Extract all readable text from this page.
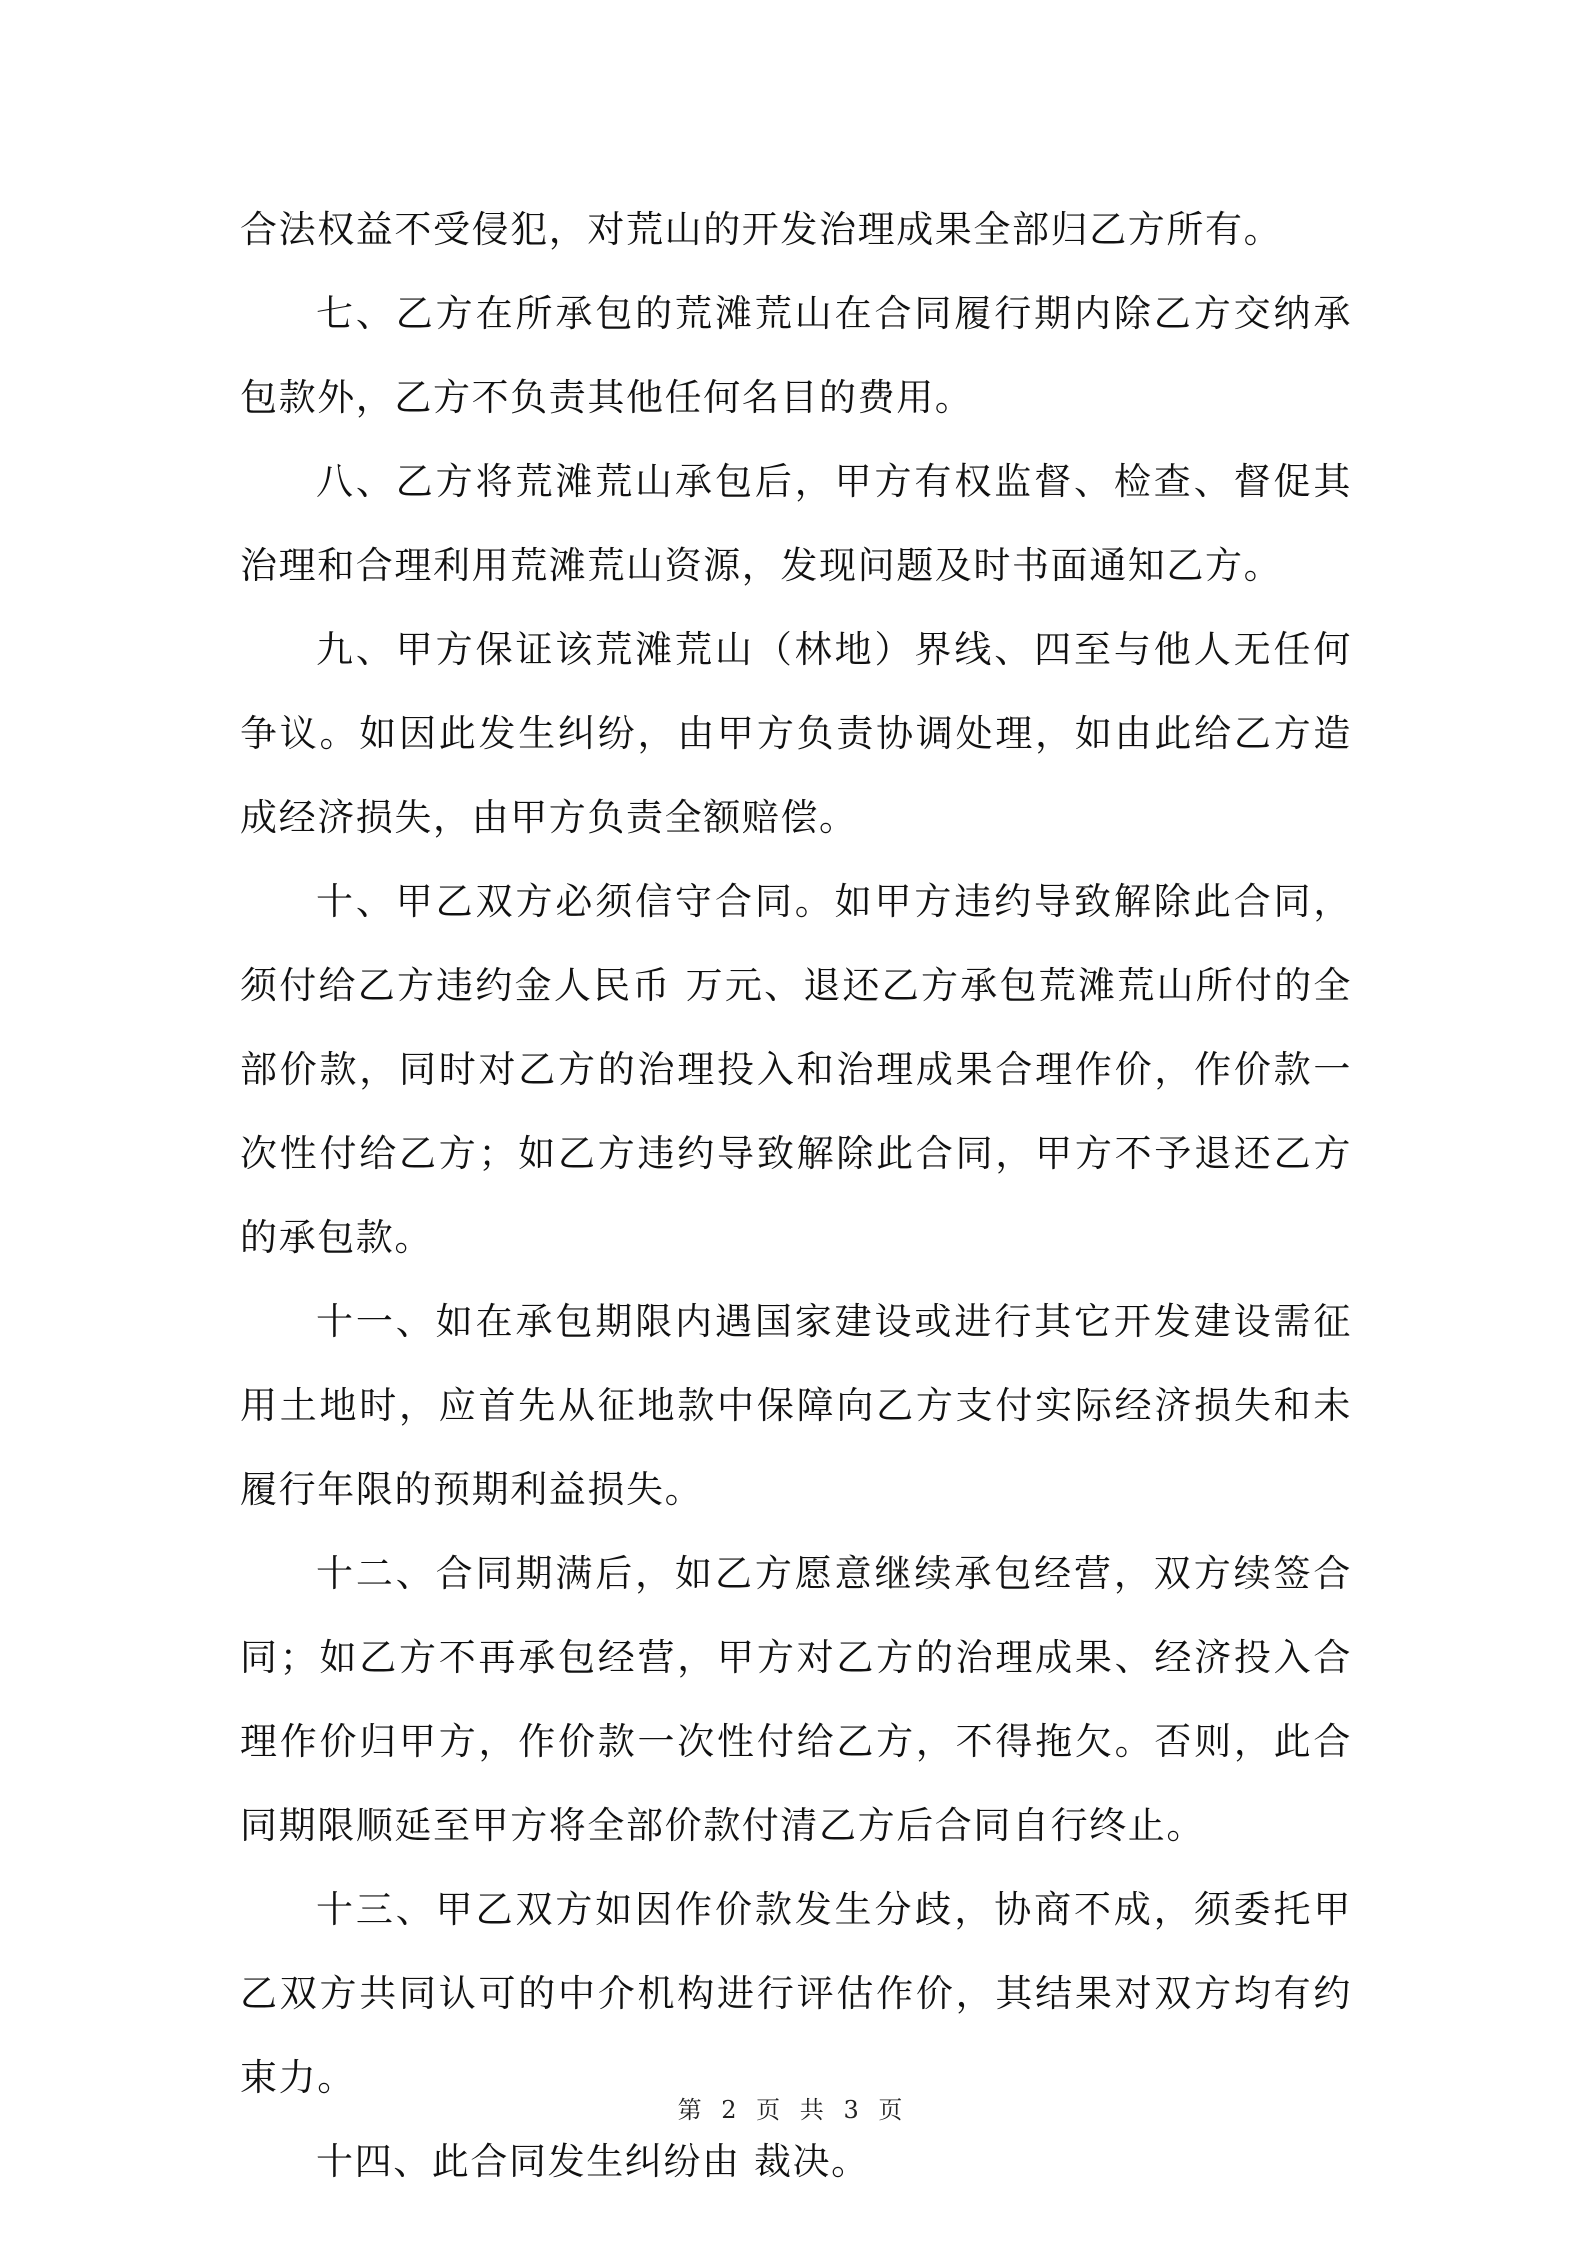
合法权益不受侵犯，对荒山的开发治理成果全部归乙方所有。

七、乙方在所承包的荒滩荒山在合同履行期内除乙方交纳承包款外，乙方不负责其他任何名目的费用。

八、乙方将荒滩荒山承包后，甲方有权监督、检查、督促其治理和合理利用荒滩荒山资源，发现问题及时书面通知乙方。

九、甲方保证该荒滩荒山（林地）界线、四至与他人无任何争议。如因此发生纠纷，由甲方负责协调处理，如由此给乙方造成经济损失，由甲方负责全额赔偿。

十、甲乙双方必须信守合同。如甲方违约导致解除此合同，须付给乙方违约金人民币 万元、退还乙方承包荒滩荒山所付的全部价款，同时对乙方的治理投入和治理成果合理作价，作价款一次性付给乙方；如乙方违约导致解除此合同，甲方不予退还乙方的承包款。

十一、如在承包期限内遇国家建设或进行其它开发建设需征用土地时，应首先从征地款中保障向乙方支付实际经济损失和未履行年限的预期利益损失。

十二、合同期满后，如乙方愿意继续承包经营，双方续签合同；如乙方不再承包经营，甲方对乙方的治理成果、经济投入合理作价归甲方，作价款一次性付给乙方，不得拖欠。否则，此合同期限顺延至甲方将全部价款付清乙方后合同自行终止。

十三、甲乙双方如因作价款发生分歧，协商不成，须委托甲乙双方共同认可的中介机构进行评估作价，其结果对双方均有约束力。

十四、此合同发生纠纷由 裁决。

第 2 页 共 3 页
